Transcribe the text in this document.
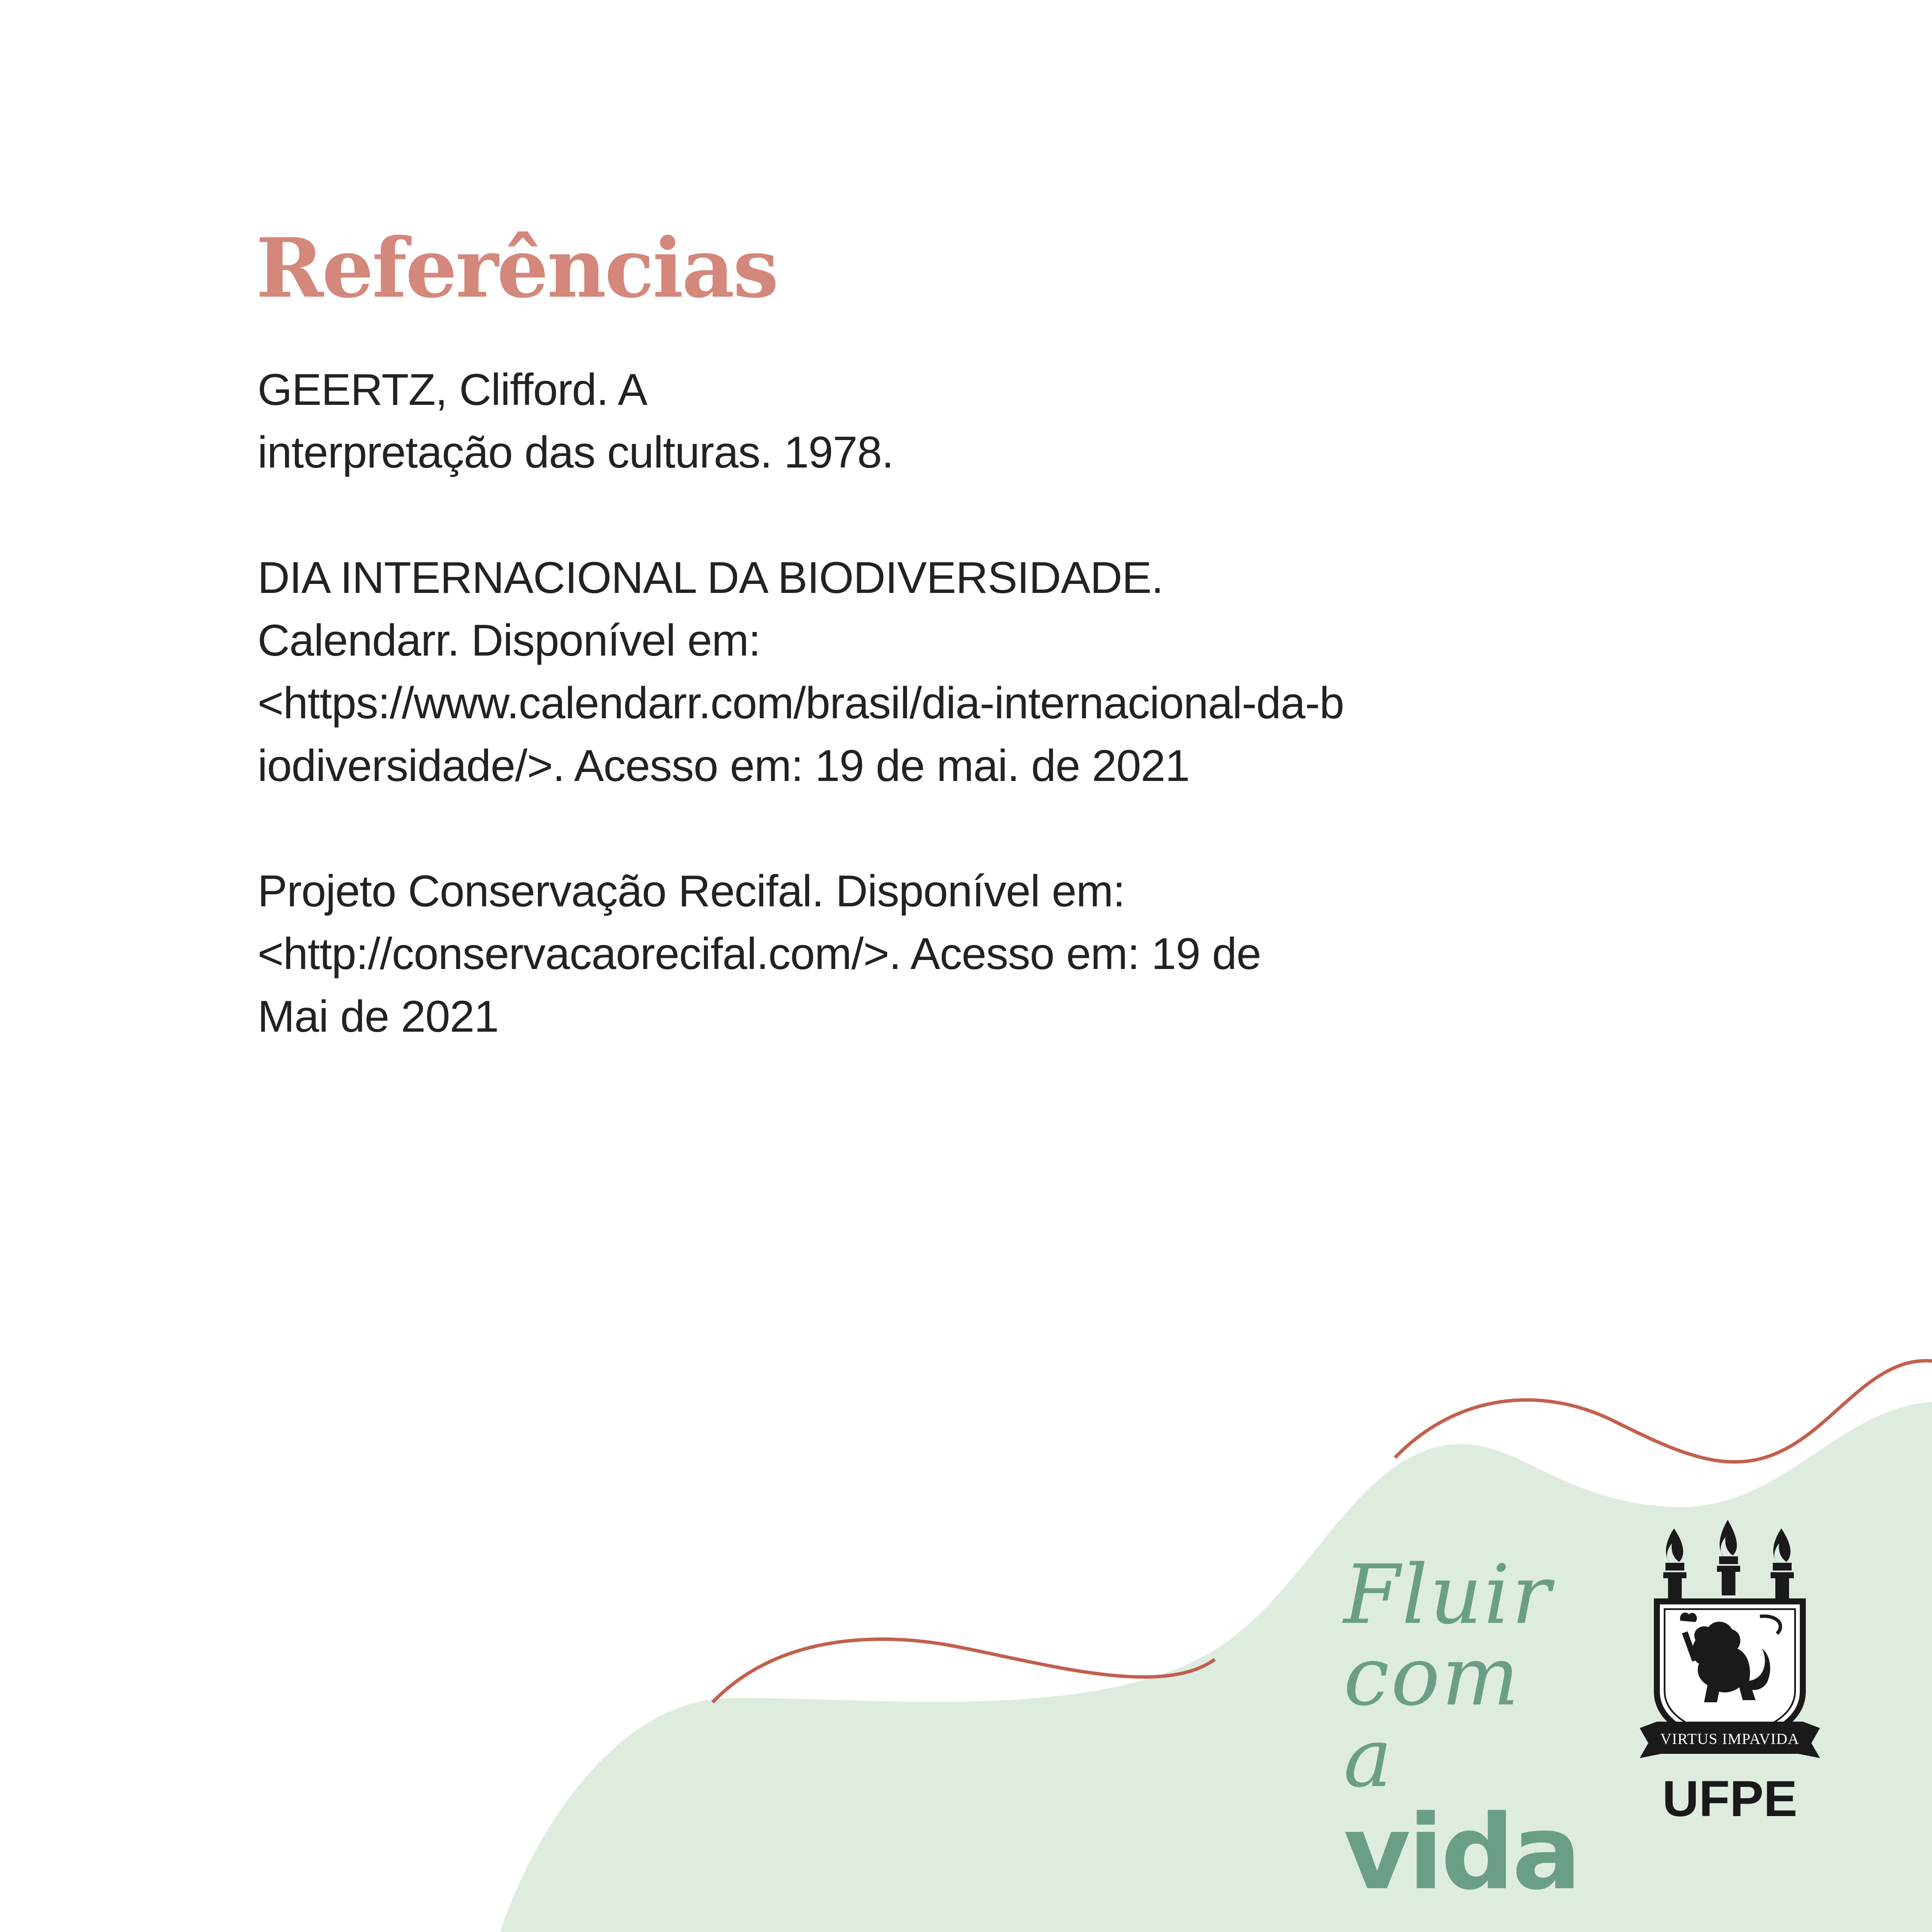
Referências
GEERTZ, Clifford. A
interpretação das culturas. 1978.
DIA INTERNACIONAL DA BIODIVERSIDADE.
Calendarr. Disponível em:
<https://www.calendarr.com/brasil/dia-internacional-da-b
iodiversidade/>. Acesso em: 19 de mai. de 2021
Projeto Conservação Recifal. Disponível em:
<http://conservacaorecifal.com/>. Acesso em: 19 de
Mai de 2021
Fluir
com a
vida
VIRTUS IMPAVIDA
UFPE
